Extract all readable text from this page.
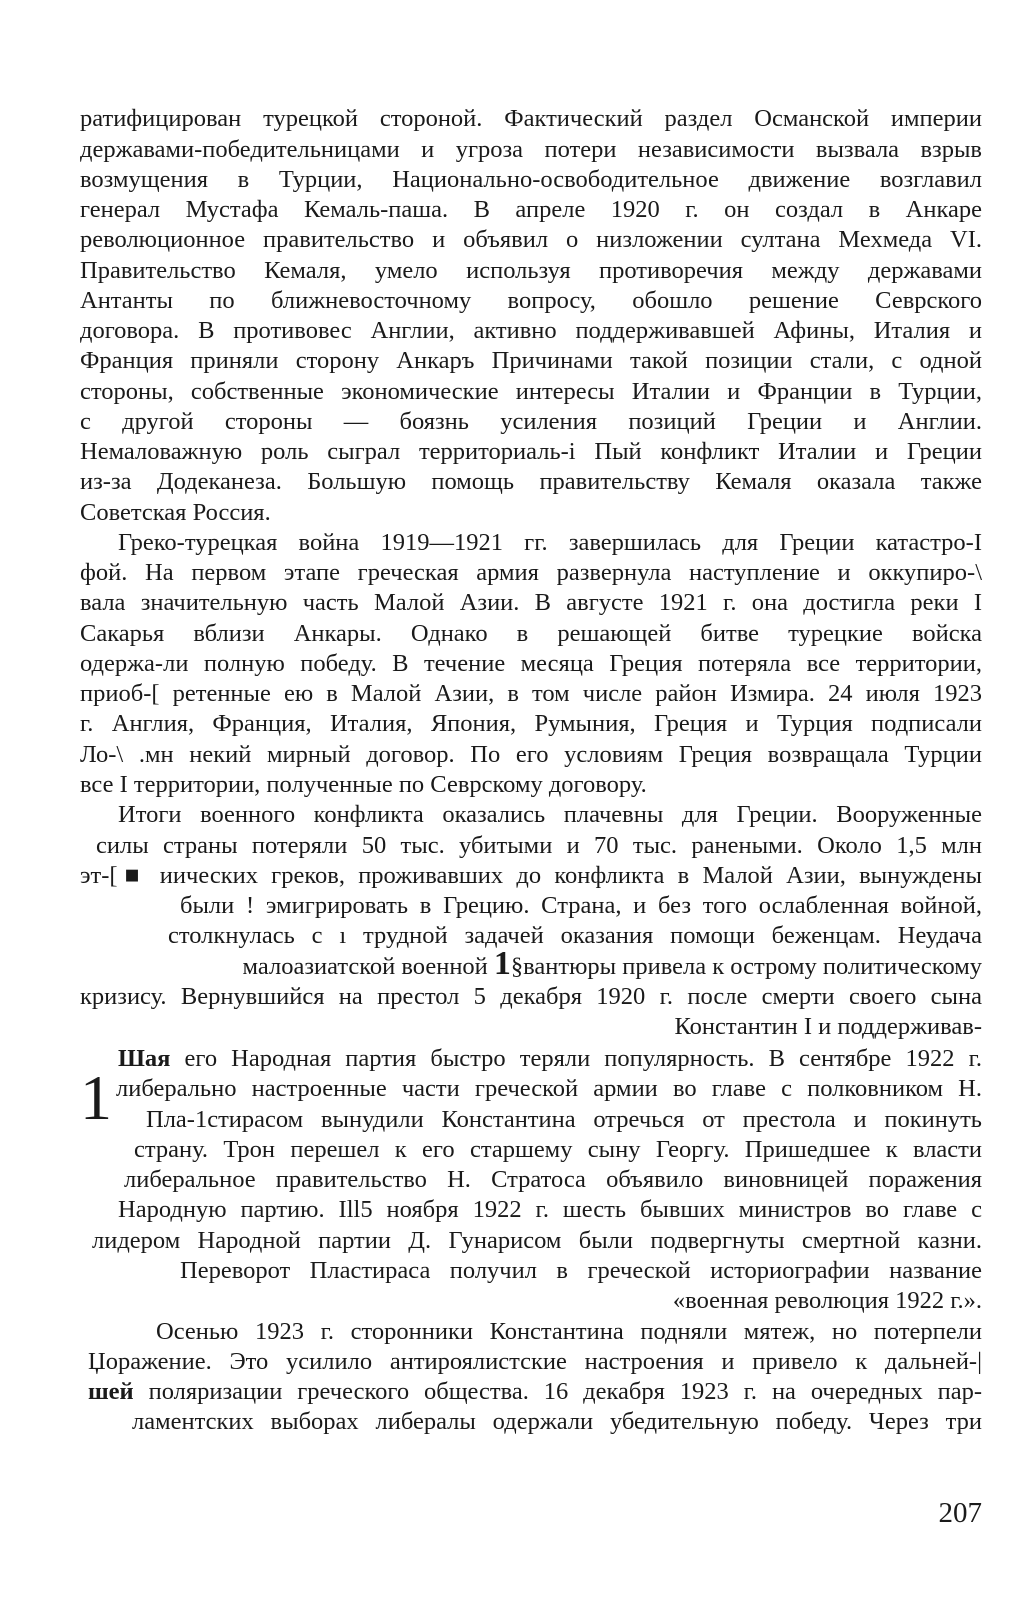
ратифицирован турецкой стороной. Фактический раздел Османской империи
державами-победительницами и угроза потери независимости вызвала взрыв
возмущения в Турции, Национально-освободительное движение возглавил
генерал Мустафа Кемаль-паша. В апреле 1920 г. он создал в Анкаре
революционное правительство и объявил о низложении султана Мехмеда VI.
Правительство Кемаля, умело используя противоречия между державами
Антанты по ближневосточному вопросу, обошло решение Севрского
договора. В противовес Англии, активно поддерживавшей Афины, Италия и
Франция приняли сторону Анкаръ Причинами такой позиции стали, с одной
стороны, собственные экономические интересы Италии и Франции в Турции,
с другой стороны — боязнь усиления позиций Греции и Англии.
Немаловажную роль сыграл территориаль-і Пый конфликт Италии и Греции
из-за Додеканеза. Большую помощь правительству Кемаля оказала также
Советская Россия.
Греко-турецкая война 1919—1921 гг. завершилась для Греции катастро-І
фой. На первом этапе греческая армия развернула наступление и оккупиро-\
вала значительную часть Малой Азии. В августе 1921 г. она достигла реки І
Сакарья вблизи Анкары. Однако в решающей битве турецкие войска
одержа-ли полную победу. В течение месяца Греция потеряла все территории,
приоб-[ ретенные ею в Малой Азии, в том числе район Измира. 24 июля 1923
г. Англия, Франция, Италия, Япония, Румыния, Греция и Турция подписали
Ло-\ .мн некий мирный договор. По его условиям Греция возвращала Турции
все І территории, полученные по Севрскому договору.
Итоги военного конфликта оказались плачевны для Греции. Вооруженные
силы страны потеряли 50 тыс. убитыми и 70 тыс. ранеными. Около 1,5 млн
эт-[■ иических греков, проживавших до конфликта в Малой Азии, вынуждены
были ! эмигрировать в Грецию. Страна, и без того ослабленная войной,
столкнулась с ı трудной задачей оказания помощи беженцам. Неудача
малоазиатской военной 1§вантюры привела к острому политическому
кризису. Вернувшийся на престол 5 декабря 1920 г. после смерти своего сына
Константин I и поддерживав-
1
Шая его Народная партия быстро теряли популярность. В сентябре 1922 г.
либерально настроенные части греческой армии во главе с полковником Н.
Пла-1стирасом вынудили Константина отречься от престола и покинуть
страну. Трон перешел к его старшему сыну Георгу. Пришедшее к власти
либеральное правительство Н. Стратоса объявило виновницей поражения
Народную партию. Ill5 ноября 1922 г. шесть бывших министров во главе с
лидером Народной партии Д. Гунарисом были подвергнуты смертной казни.
Переворот Пластираса получил в греческой историографии название
«военная революция 1922 г.».
Осенью 1923 г. сторонники Константина подняли мятеж, но потерпели
Џоражение. Это усилило антироялистские настроения и привело к дальней-|
шей поляризации греческого общества. 16 декабря 1923 г. на очередных пар-
ламентских выборах либералы одержали убедительную победу. Через три
207
